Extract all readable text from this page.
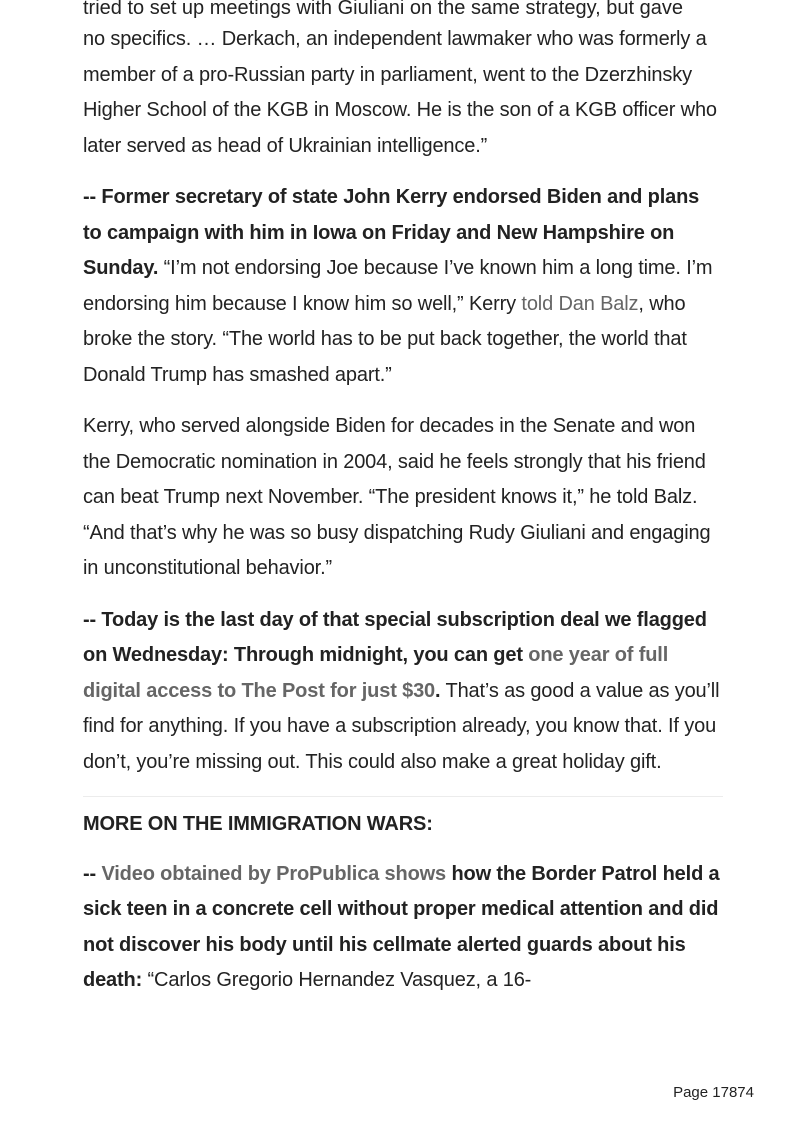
tried to set up meetings with Giuliani on the same strategy, but gave

no specifics. … Derkach, an independent lawmaker who was formerly a member of a pro-Russian party in parliament, went to the Dzerzhinsky Higher School of the KGB in Moscow. He is the son of a KGB officer who later served as head of Ukrainian intelligence.”

-- Former secretary of state John Kerry endorsed Biden and plans to campaign with him in Iowa on Friday and New Hampshire on Sunday. “I’m not endorsing Joe because I’ve known him a long time. I’m endorsing him because I know him so well,” Kerry told Dan Balz, who broke the story. “The world has to be put back together, the world that Donald Trump has smashed apart.”

Kerry, who served alongside Biden for decades in the Senate and won the Democratic nomination in 2004, said he feels strongly that his friend can beat Trump next November. “The president knows it,” he told Balz. “And that’s why he was so busy dispatching Rudy Giuliani and engaging in unconstitutional behavior.”

-- Today is the last day of that special subscription deal we flagged on Wednesday: Through midnight, you can get one year of full digital access to The Post for just $30. That’s as good a value as you’ll find for anything. If you have a subscription already, you know that. If you don’t, you’re missing out. This could also make a great holiday gift.

MORE ON THE IMMIGRATION WARS:

-- Video obtained by ProPublica shows how the Border Patrol held a sick teen in a concrete cell without proper medical attention and did not discover his body until his cellmate alerted guards about his death: “Carlos Gregorio Hernandez Vasquez, a 16-

Page 17874
